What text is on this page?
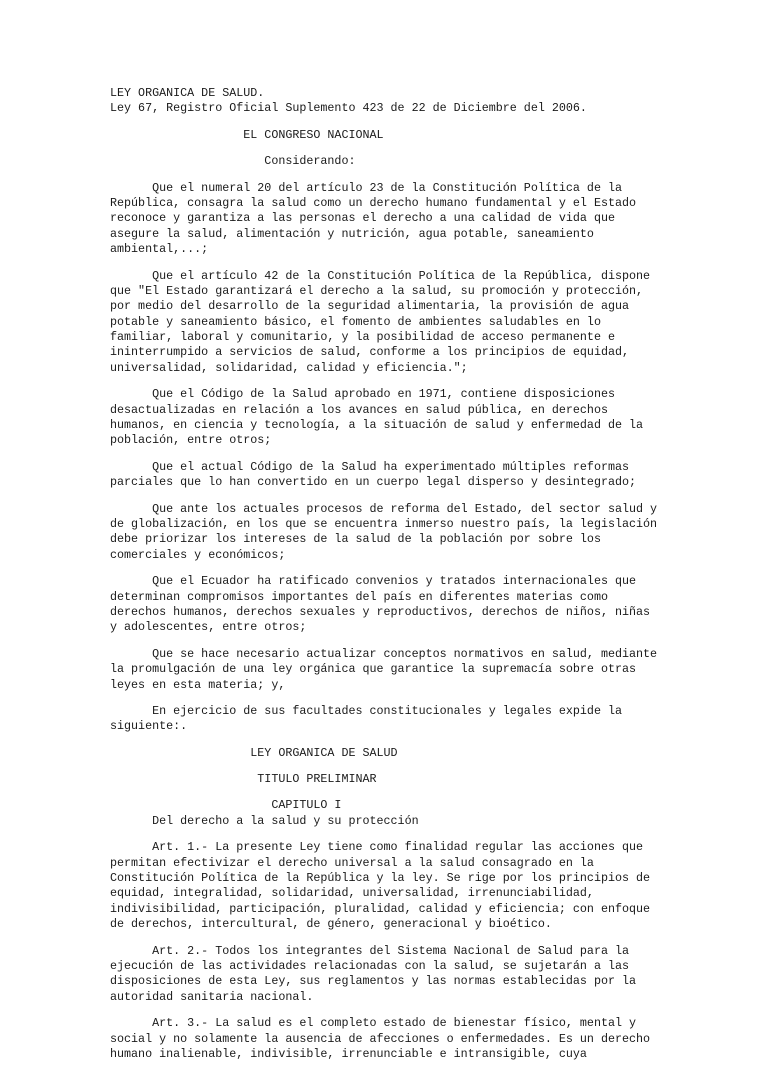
LEY ORGANICA DE SALUD.
Ley 67, Registro Oficial Suplemento 423 de 22 de Diciembre del 2006.
EL CONGRESO NACIONAL
Considerando:
Que el numeral 20 del artículo 23 de la Constitución Política de la
República, consagra la salud como un derecho humano fundamental y el Estado
reconoce y garantiza a las personas el derecho a una calidad de vida que
asegure la salud, alimentación y nutrición, agua potable, saneamiento
ambiental,...;
Que el artículo 42 de la Constitución Política de la República, dispone
que "El Estado garantizará el derecho a la salud, su promoción y protección,
por medio del desarrollo de la seguridad alimentaria, la provisión de agua
potable y saneamiento básico, el fomento de ambientes saludables en lo
familiar, laboral y comunitario, y la posibilidad de acceso permanente e
ininterrumpido a servicios de salud, conforme a los principios de equidad,
universalidad, solidaridad, calidad y eficiencia.";
Que el Código de la Salud aprobado en 1971, contiene disposiciones
desactualizadas en relación a los avances en salud pública, en derechos
humanos, en ciencia y tecnología, a la situación de salud y enfermedad de la
población, entre otros;
Que el actual Código de la Salud ha experimentado múltiples reformas
parciales que lo han convertido en un cuerpo legal disperso y desintegrado;
Que ante los actuales procesos de reforma del Estado, del sector salud y
de globalización, en los que se encuentra inmerso nuestro país, la legislación
debe priorizar los intereses de la salud de la población por sobre los
comerciales y económicos;
Que el Ecuador ha ratificado convenios y tratados internacionales que
determinan compromisos importantes del país en diferentes materias como
derechos humanos, derechos sexuales y reproductivos, derechos de niños, niñas
y adolescentes, entre otros;
Que se hace necesario actualizar conceptos normativos en salud, mediante
la promulgación de una ley orgánica que garantice la supremacía sobre otras
leyes en esta materia; y,
En ejercicio de sus facultades constitucionales y legales expide la
siguiente:.
LEY ORGANICA DE SALUD
TITULO PRELIMINAR
CAPITULO I
Del derecho a la salud y su protección
Art. 1.- La presente Ley tiene como finalidad regular las acciones que
permitan efectivizar el derecho universal a la salud consagrado en la
Constitución Política de la República y la ley. Se rige por los principios de
equidad, integralidad, solidaridad, universalidad, irrenunciabilidad,
indivisibilidad, participación, pluralidad, calidad y eficiencia; con enfoque
de derechos, intercultural, de género, generacional y bioético.
Art. 2.- Todos los integrantes del Sistema Nacional de Salud para la
ejecución de las actividades relacionadas con la salud, se sujetarán a las
disposiciones de esta Ley, sus reglamentos y las normas establecidas por la
autoridad sanitaria nacional.
Art. 3.- La salud es el completo estado de bienestar físico, mental y
social y no solamente la ausencia de afecciones o enfermedades. Es un derecho
humano inalienable, indivisible, irrenunciable e intransigible, cuya
